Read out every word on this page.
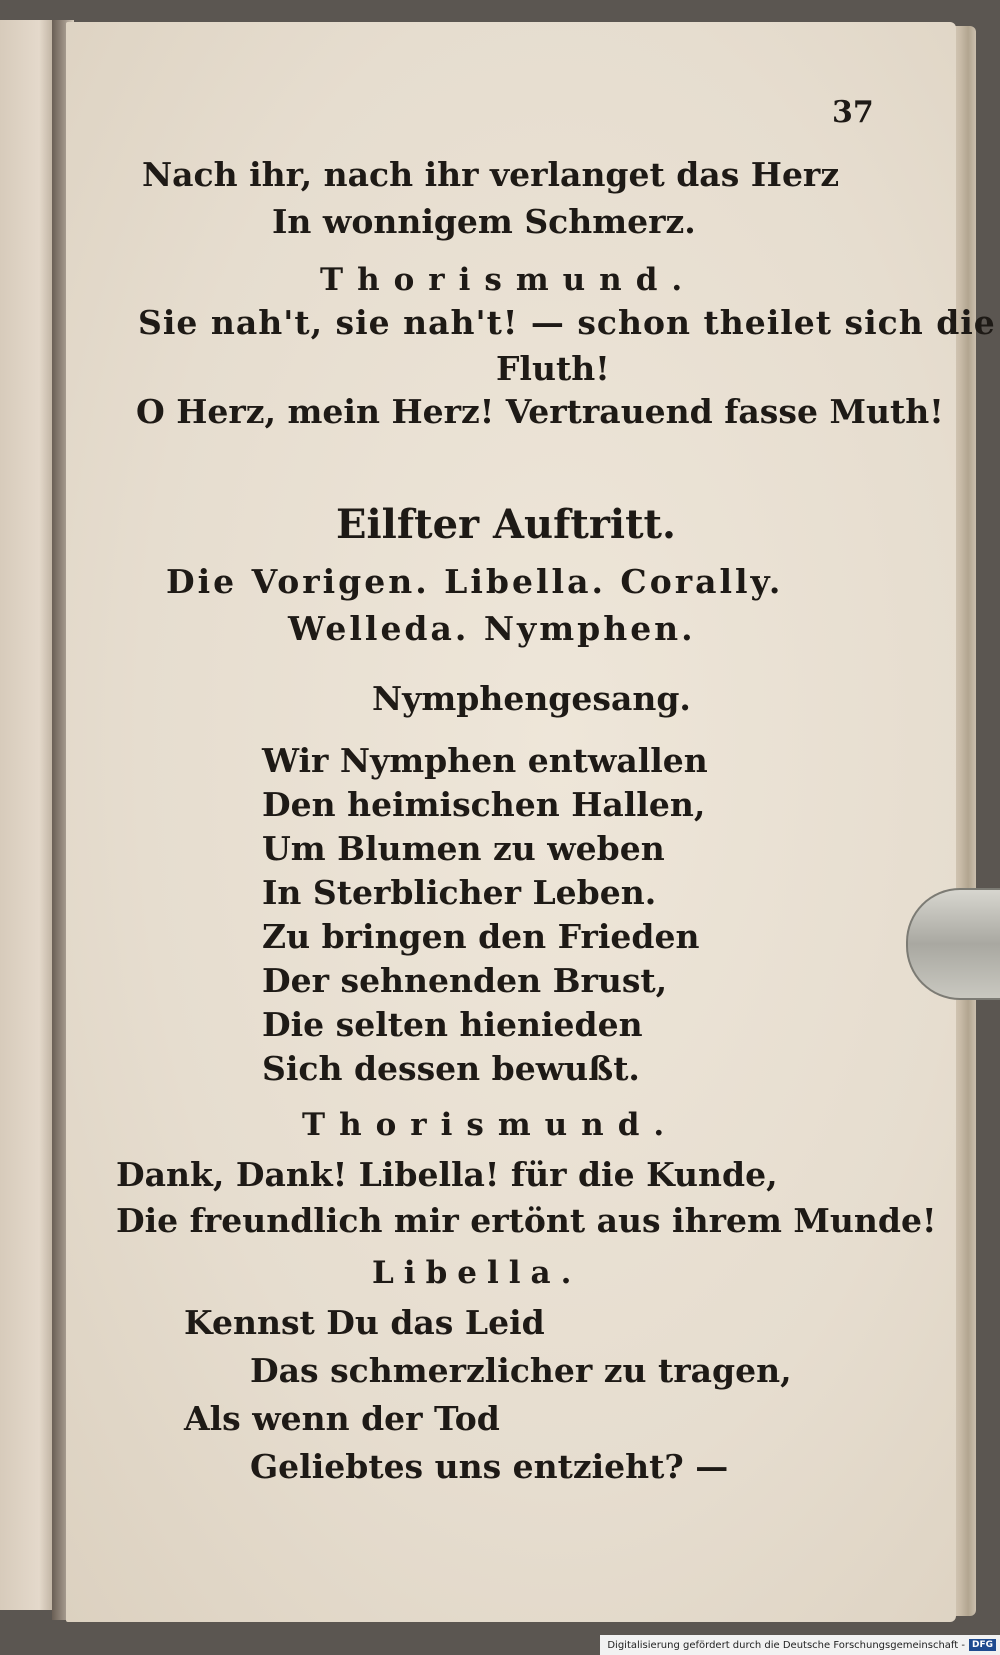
37
Nach ihr, nach ihr verlanget das Herz
In wonnigem Schmerz.
Thorismund.
Sie nah't, sie nah't! — schon theilet sich die
Fluth!
O Herz, mein Herz! Vertrauend fasse Muth!
Eilfter Auftritt.
Die Vorigen. Libella. Corally.
Welleda. Nymphen.
Nymphengesang.
Wir Nymphen entwallen
Den heimischen Hallen,
Um Blumen zu weben
In Sterblicher Leben.
Zu bringen den Frieden
Der sehnenden Brust,
Die selten hienieden
Sich dessen bewußt.
Thorismund.
Dank, Dank! Libella! für die Kunde,
Die freundlich mir ertönt aus ihrem Munde!
Libella.
Kennst Du das Leid
Das schmerzlicher zu tragen,
Als wenn der Tod
Geliebtes uns entzieht? —
Digitalisierung gefördert durch die Deutsche Forschungsgemeinschaft - DFG
